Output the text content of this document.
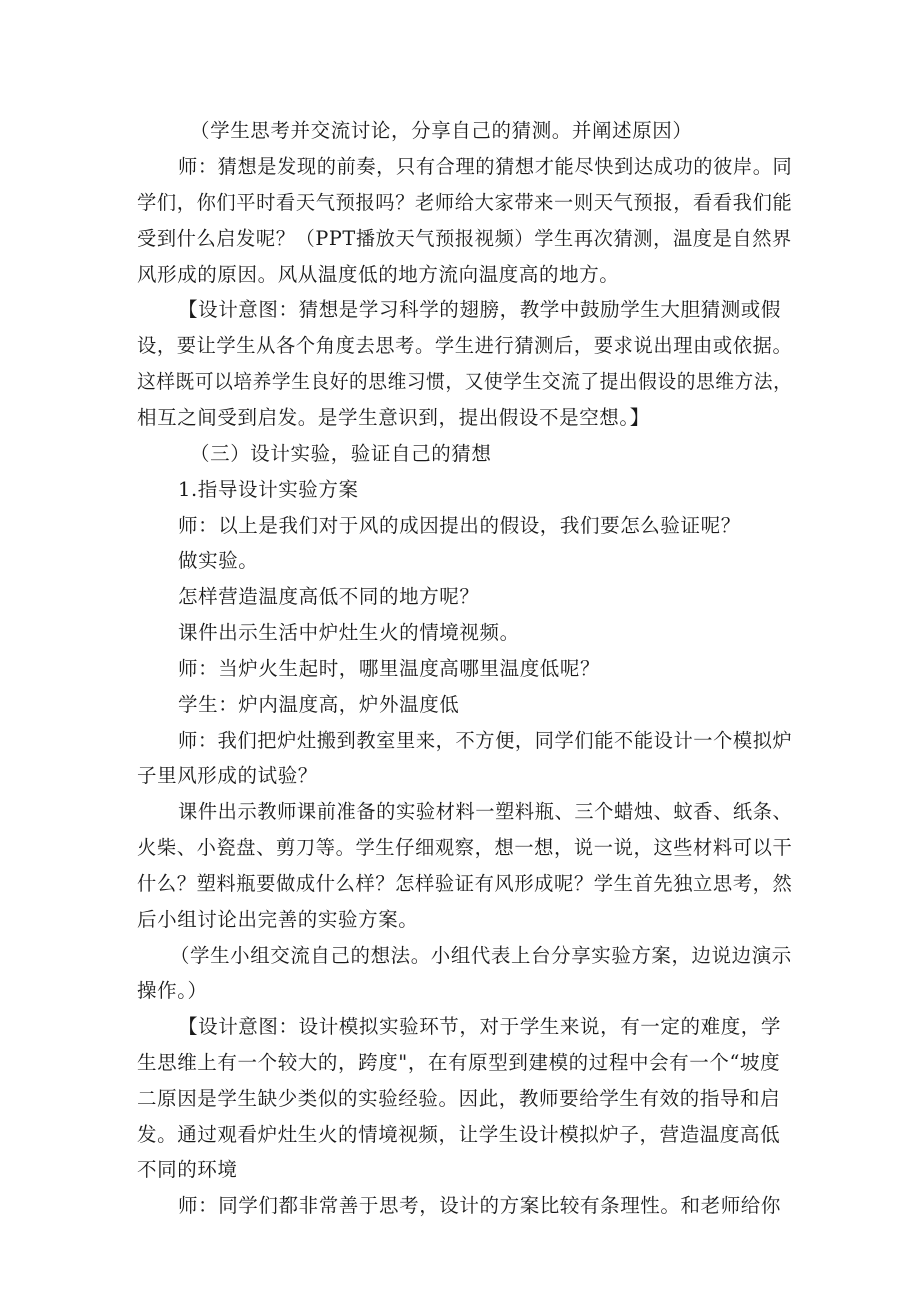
（学生思考并交流讨论，分享自己的猜测。并阐述原因）
师：猜想是发现的前奏，只有合理的猜想才能尽快到达成功的彼岸。同
学们，你们平时看天气预报吗？老师给大家带来一则天气预报，看看我们能
受到什么启发呢？（PPT播放天气预报视频）学生再次猜测，温度是自然界
风形成的原因。风从温度低的地方流向温度高的地方。
【设计意图：猜想是学习科学的翅膀，教学中鼓励学生大胆猜测或假
设，要让学生从各个角度去思考。学生进行猜测后，要求说出理由或依据。
这样既可以培养学生良好的思维习惯，又使学生交流了提出假设的思维方法，
相互之间受到启发。是学生意识到，提出假设不是空想。】
（三）设计实验，验证自己的猜想
1.指导设计实验方案
师：以上是我们对于风的成因提出的假设，我们要怎么验证呢？
做实验。
怎样营造温度高低不同的地方呢？
课件出示生活中炉灶生火的情境视频。
师：当炉火生起时，哪里温度高哪里温度低呢？
学生：炉内温度高，炉外温度低
师：我们把炉灶搬到教室里来，不方便，同学们能不能设计一个模拟炉
子里风形成的试验？
课件出示教师课前准备的实验材料一塑料瓶、三个蜡烛、蚊香、纸条、
火柴、小瓷盘、剪刀等。学生仔细观察，想一想，说一说，这些材料可以干
什么？塑料瓶要做成什么样？怎样验证有风形成呢？学生首先独立思考，然
后小组讨论出完善的实验方案。
（学生小组交流自己的想法。小组代表上台分享实验方案，边说边演示
操作。）
【设计意图：设计模拟实验环节，对于学生来说，有一定的难度，学
生思维上有一个较大的，跨度"，在有原型到建模的过程中会有一个“坡度
二原因是学生缺少类似的实验经验。因此，教师要给学生有效的指导和启
发。通过观看炉灶生火的情境视频，让学生设计模拟炉子，营造温度高低
不同的环境
师：同学们都非常善于思考，设计的方案比较有条理性。和老师给你
